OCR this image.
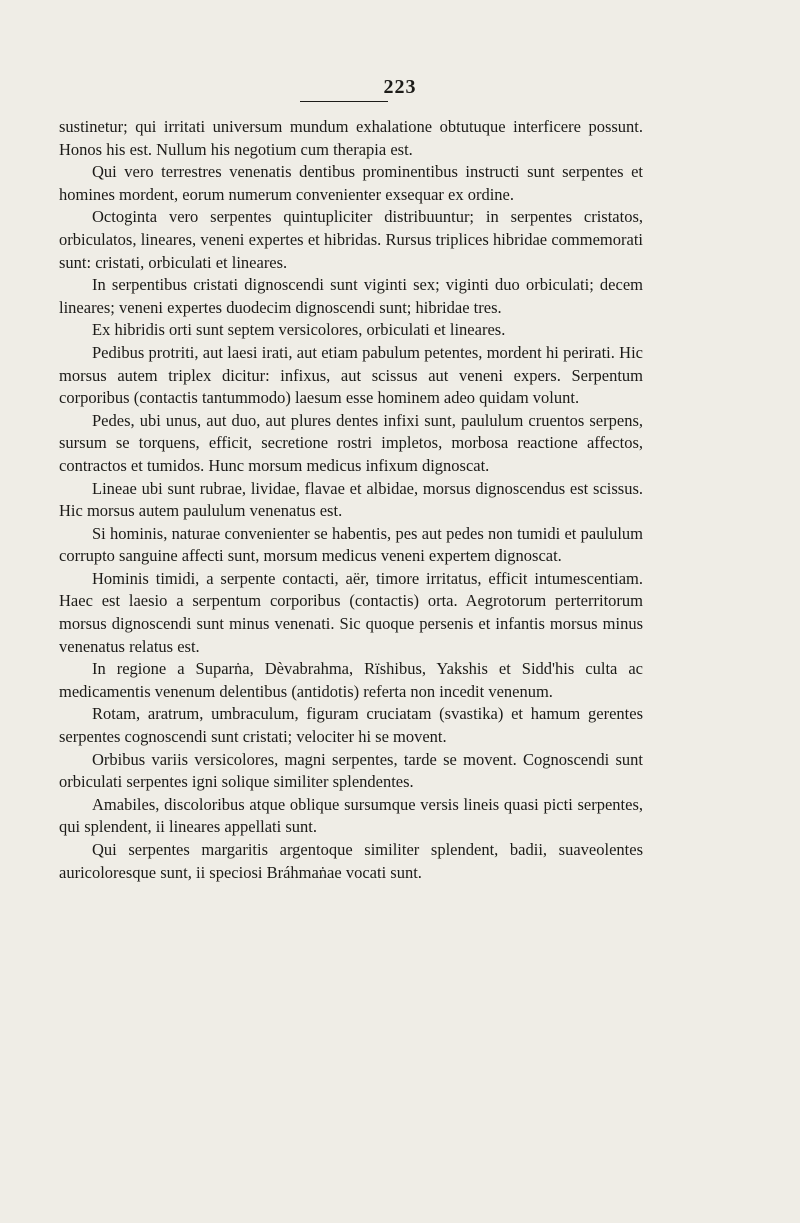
223

sustinetur; qui irritati universum mundum exhalatione obtutuque interficere possunt. Honos his est. Nullum his negotium cum therapia est.

Qui vero terrestres venenatis dentibus prominentibus instructi sunt serpentes et homines mordent, eorum numerum convenienter exsequar ex ordine.

Octoginta vero serpentes quintupliciter distribuuntur; in serpentes cristatos, orbiculatos, lineares, veneni expertes et hibridas. Rursus triplices hibridae commemorati sunt: cristati, orbiculati et lineares.

In serpentibus cristati dignoscendi sunt viginti sex; viginti duo orbiculati; decem lineares; veneni expertes duodecim dignoscendi sunt; hibridae tres.

Ex hibridis orti sunt septem versicolores, orbiculati et lineares.

Pedibus protriti, aut laesi irati, aut etiam pabulum petentes, mordent hi perirati. Hic morsus autem triplex dicitur: infixus, aut scissus aut veneni expers. Serpentum corporibus (contactis tantummodo) laesum esse hominem adeo quidam volunt.

Pedes, ubi unus, aut duo, aut plures dentes infixi sunt, paululum cruentos serpens, sursum se torquens, efficit, secretione rostri impletos, morbosa reactione affectos, contractos et tumidos. Hunc morsum medicus infixum dignoscat.

Lineae ubi sunt rubrae, lividae, flavae et albidae, morsus dignoscendus est scissus. Hic morsus autem paululum venenatus est.

Si hominis, naturae convenienter se habentis, pes aut pedes non tumidi et paululum corrupto sanguine affecti sunt, morsum medicus veneni expertem dignoscat.

Hominis timidi, a serpente contacti, aër, timore irritatus, efficit intumescentiam. Haec est laesio a serpentum corporibus (contactis) orta. Aegrotorum perterritorum morsus dignoscendi sunt minus venenati. Sic quoque persenis et infantis morsus minus venenatus relatus est.

In regione a Suparṅa, Dèvabrahma, Rïshibus, Yakshis et Sidd'his culta ac medicamentis venenum delentibus (antidotis) referta non incedit venenum.

Rotam, aratrum, umbraculum, figuram cruciatam (svastika) et hamum gerentes serpentes cognoscendi sunt cristati; velociter hi se movent.

Orbibus variis versicolores, magni serpentes, tarde se movent. Cognoscendi sunt orbiculati serpentes igni solique similiter splendentes.

Amabiles, discoloribus atque oblique sursumque versis lineis quasi picti serpentes, qui splendent, ii lineares appellati sunt.

Qui serpentes margaritis argentoque similiter splendent, badii, suaveolentes auricoloresque sunt, ii speciosi Bráhmaṅae vocati sunt.
